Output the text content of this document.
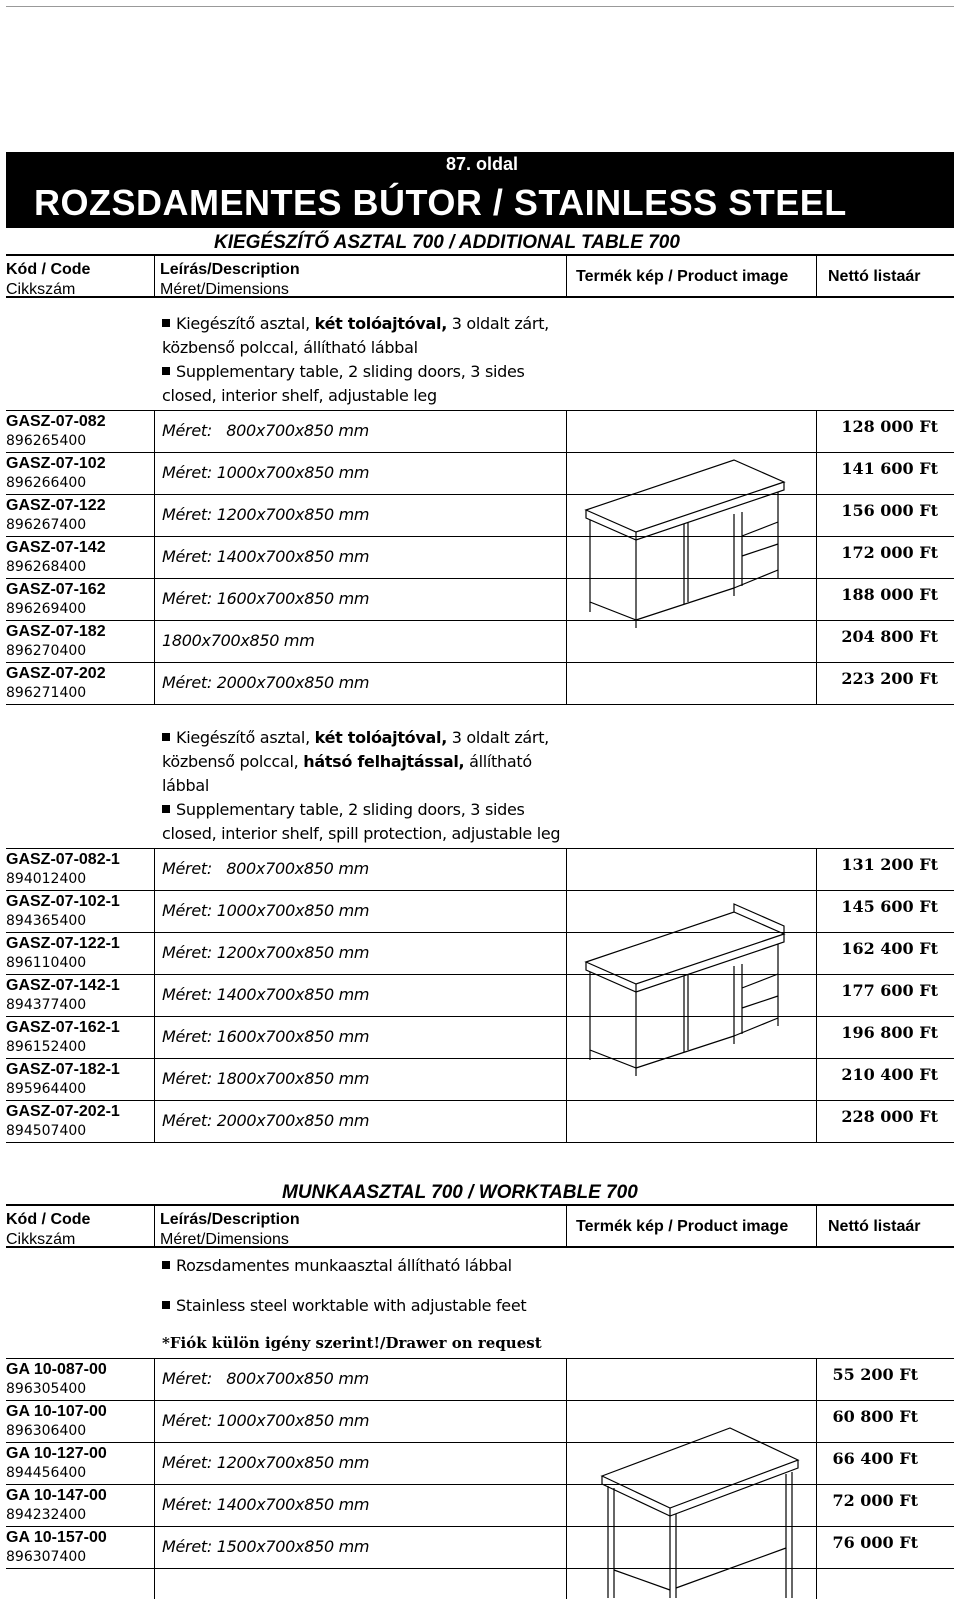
87. oldal
ROZSDAMENTES BÚTOR / STAINLESS STEEL
KIEGÉSZÍTŐ ASZTAL 700 / ADDITIONAL TABLE 700
Kód / Code
Cikkszám
Leírás/Description
Méret/Dimensions
Termék kép / Product image Nettó listaár
Kiegészítő asztal, két tolóajtóval, 3 oldalt zárt,
közbenső polccal, állítható lábbal
Supplementary table, 2 sliding doors, 3 sides
closed, interior shelf, adjustable leg
GASZ-07-082
896265400
Méret:   800x700x850 mm	128 000 Ft
GASZ-07-102
896266400
Méret: 1000x700x850 mm	141 600 Ft
GASZ-07-122
896267400
Méret: 1200x700x850 mm	156 000 Ft
GASZ-07-142
896268400
Méret: 1400x700x850 mm	172 000 Ft
GASZ-07-162
896269400
Méret: 1600x700x850 mm	188 000 Ft
GASZ-07-182
896270400
1800x700x850 mm	204 800 Ft
GASZ-07-202
896271400
Méret: 2000x700x850 mm	223 200 Ft
Kiegészítő asztal, két tolóajtóval, 3 oldalt zárt,
közbenső polccal, hátsó felhajtással, állítható
lábbal
Supplementary table, 2 sliding doors, 3 sides
closed, interior shelf, spill protection, adjustable leg
GASZ-07-082-1
894012400
Méret:   800x700x850 mm	131 200 Ft
GASZ-07-102-1
894365400
Méret: 1000x700x850 mm	145 600 Ft
GASZ-07-122-1
896110400
Méret: 1200x700x850 mm	162 400 Ft
GASZ-07-142-1
894377400
Méret: 1400x700x850 mm	177 600 Ft
GASZ-07-162-1
896152400
Méret: 1600x700x850 mm	196 800 Ft
GASZ-07-182-1
895964400
Méret: 1800x700x850 mm	210 400 Ft
GASZ-07-202-1
894507400
Méret: 2000x700x850 mm	228 000 Ft
MUNKAASZTAL 700 / WORKTABLE 700
Kód / Code
Cikkszám
Leírás/Description
Méret/Dimensions
Termék kép / Product image Nettó listaár
Rozsdamentes munkaasztal állítható lábbal
Stainless steel worktable with adjustable feet
*Fiók külön igény szerint!/Drawer on request
GA 10-087-00
896305400
Méret:   800x700x850 mm	55 200 Ft
GA 10-107-00
896306400
Méret: 1000x700x850 mm	60 800 Ft
GA 10-127-00
894456400
Méret: 1200x700x850 mm	66 400 Ft
GA 10-147-00
894232400
Méret: 1400x700x850 mm	72 000 Ft
GA 10-157-00
896307400
Méret: 1500x700x850 mm	76 000 Ft
